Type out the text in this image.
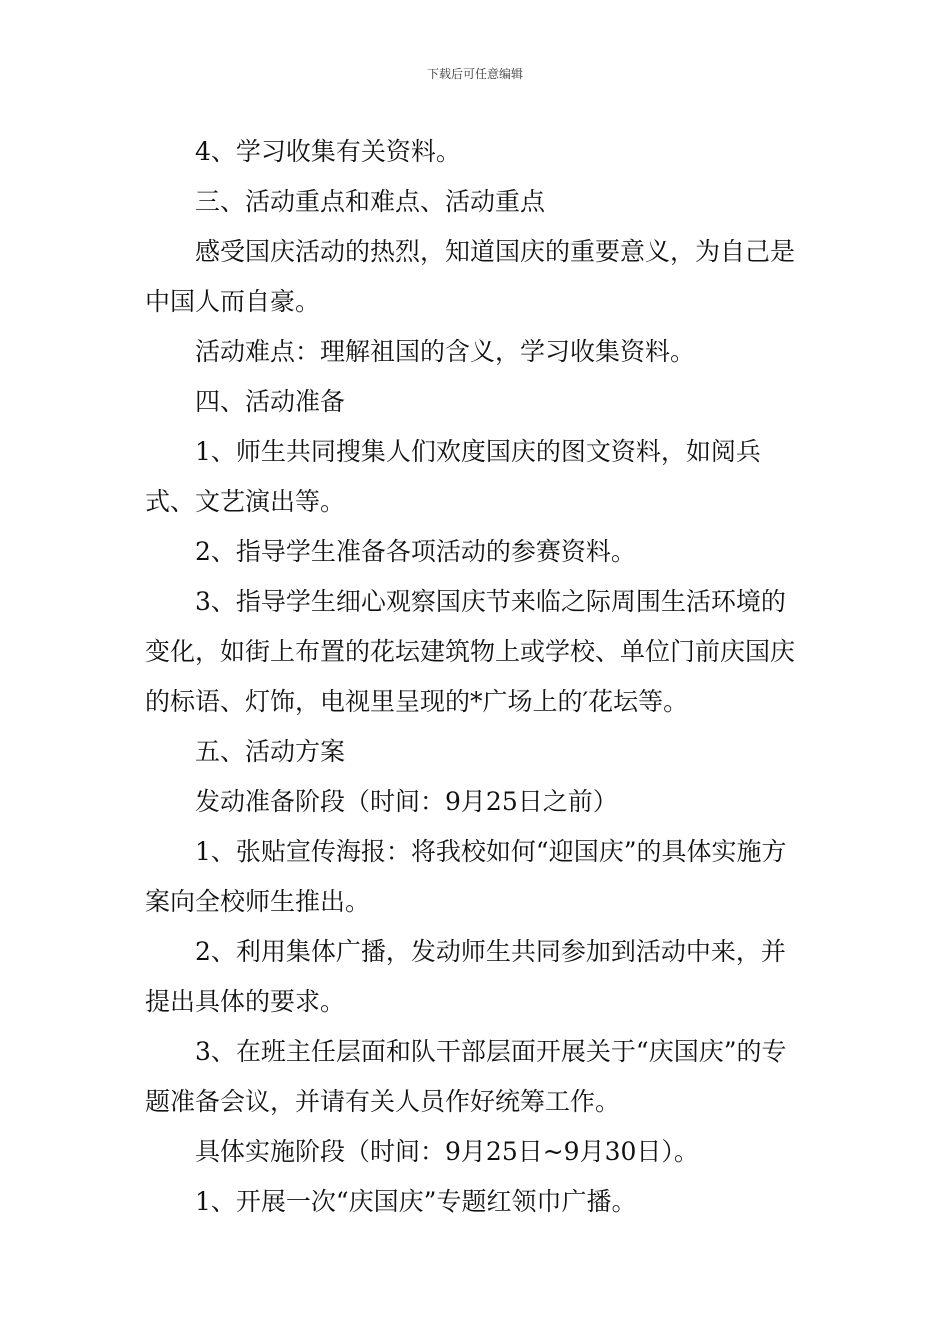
下载后可任意编辑

4、学习收集有关资料。

三、活动重点和难点、活动重点

感受国庆活动的热烈，知道国庆的重要意义，为自己是中国人而自豪。

活动难点：理解祖国的含义，学习收集资料。

四、活动准备

1、师生共同搜集人们欢度国庆的图文资料，如阅兵式、文艺演出等。

2、指导学生准备各项活动的参赛资料。

3、指导学生细心观察国庆节来临之际周围生活环境的变化，如街上布置的花坛建筑物上或学校、单位门前庆国庆的标语、灯饰，电视里呈现的*广场上的′花坛等。

五、活动方案

发动准备阶段（时间：9月25日之前）

1、张贴宣传海报：将我校如何“迎国庆”的具体实施方案向全校师生推出。

2、利用集体广播，发动师生共同参加到活动中来，并提出具体的要求。

3、在班主任层面和队干部层面开展关于“庆国庆”的专题准备会议，并请有关人员作好统筹工作。

具体实施阶段（时间：9月25日~9月30日）。

1、开展一次“庆国庆”专题红领巾广播。
